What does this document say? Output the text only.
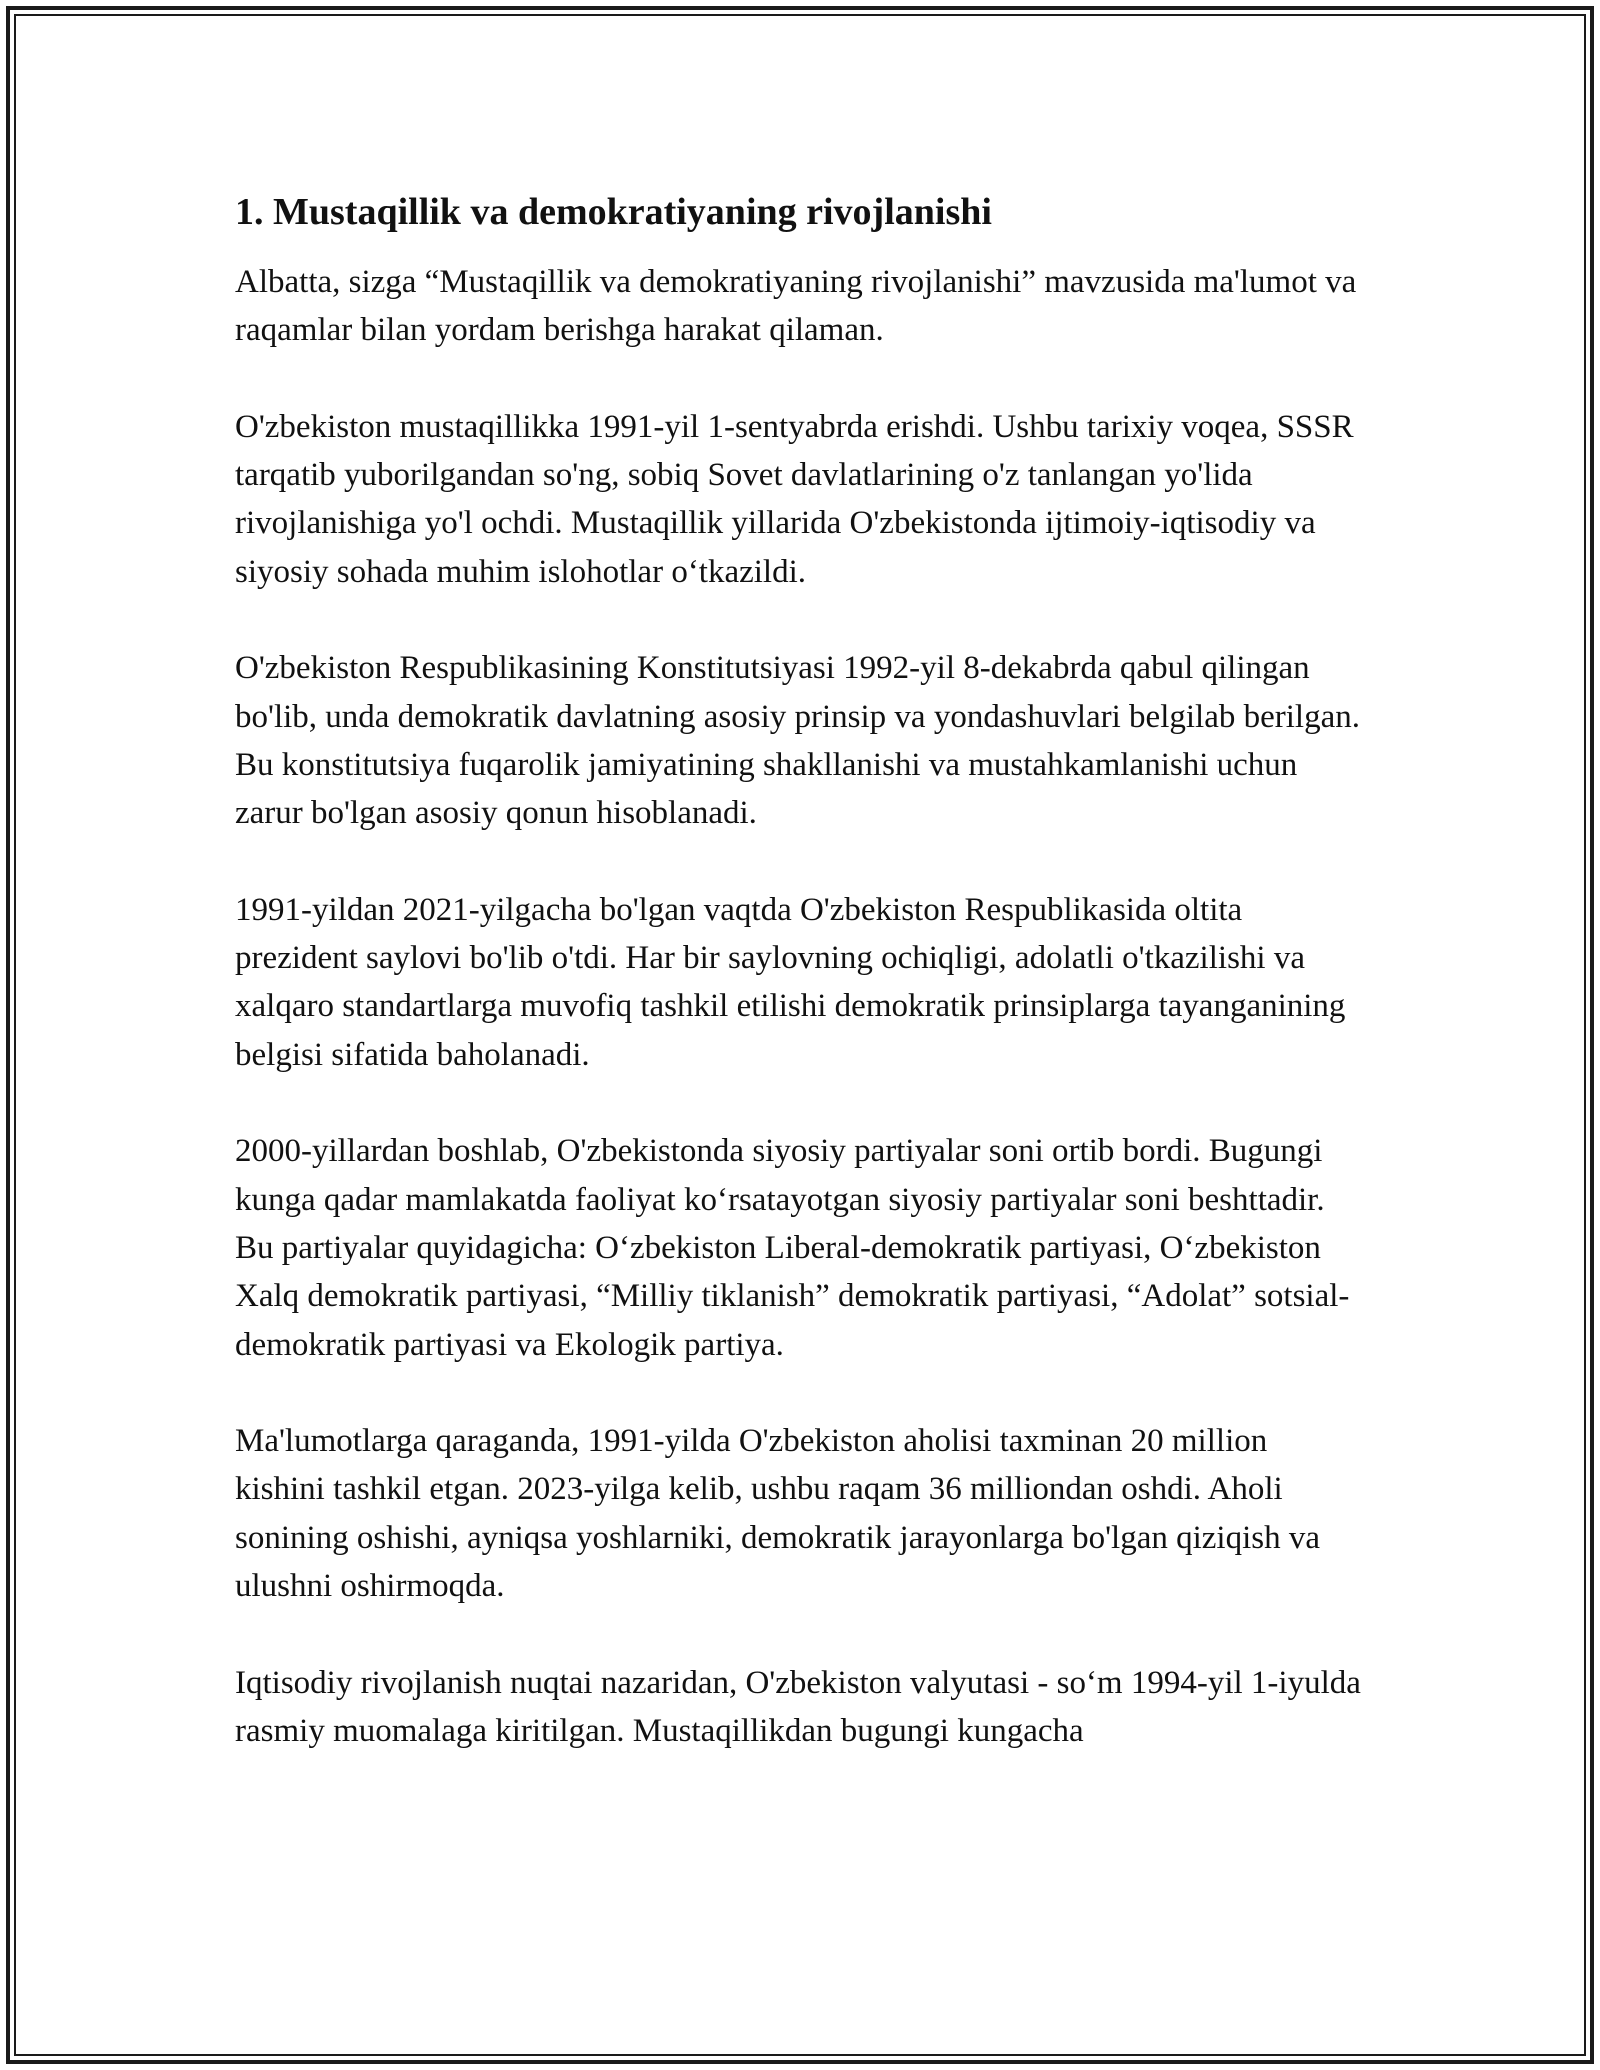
1. Mustaqillik va demokratiyaning rivojlanishi

Albatta, sizga “Mustaqillik va demokratiyaning rivojlanishi” mavzusida ma'lumot va raqamlar bilan yordam berishga harakat qilaman.

O'zbekiston mustaqillikka 1991-yil 1-sentyabrda erishdi. Ushbu tarixiy voqea, SSSR tarqatib yuborilgandan so'ng, sobiq Sovet davlatlarining o'z tanlangan yo'lida rivojlanishiga yo'l ochdi. Mustaqillik yillarida O'zbekistonda ijtimoiy-iqtisodiy va siyosiy sohada muhim islohotlar o‘tkazildi.

O'zbekiston Respublikasining Konstitutsiyasi 1992-yil 8-dekabrda qabul qilingan bo'lib, unda demokratik davlatning asosiy prinsip va yondashuvlari belgilab berilgan. Bu konstitutsiya fuqarolik jamiyatining shakllanishi va mustahkamlanishi uchun zarur bo'lgan asosiy qonun hisoblanadi.

1991-yildan 2021-yilgacha bo'lgan vaqtda O'zbekiston Respublikasida oltita prezident saylovi bo'lib o'tdi. Har bir saylovning ochiqligi, adolatli o'tkazilishi va xalqaro standartlarga muvofiq tashkil etilishi demokratik prinsiplarga tayanganining belgisi sifatida baholanadi.

2000-yillardan boshlab, O'zbekistonda siyosiy partiyalar soni ortib bordi. Bugungi kunga qadar mamlakatda faoliyat ko‘rsatayotgan siyosiy partiyalar soni beshttadir. Bu partiyalar quyidagicha: O‘zbekiston Liberal-demokratik partiyasi, O‘zbekiston Xalq demokratik partiyasi, “Milliy tiklanish” demokratik partiyasi, “Adolat” sotsial-demokratik partiyasi va Ekologik partiya.

Ma'lumotlarga qaraganda, 1991-yilda O'zbekiston aholisi taxminan 20 million kishini tashkil etgan. 2023-yilga kelib, ushbu raqam 36 milliondan oshdi. Aholi sonining oshishi, ayniqsa yoshlarniki, demokratik jarayonlarga bo'lgan qiziqish va ulushni oshirmoqda.

Iqtisodiy rivojlanish nuqtai nazaridan, O'zbekiston valyutasi - so‘m 1994-yil 1-iyulda rasmiy muomalaga kiritilgan. Mustaqillikdan bugungi kungacha
